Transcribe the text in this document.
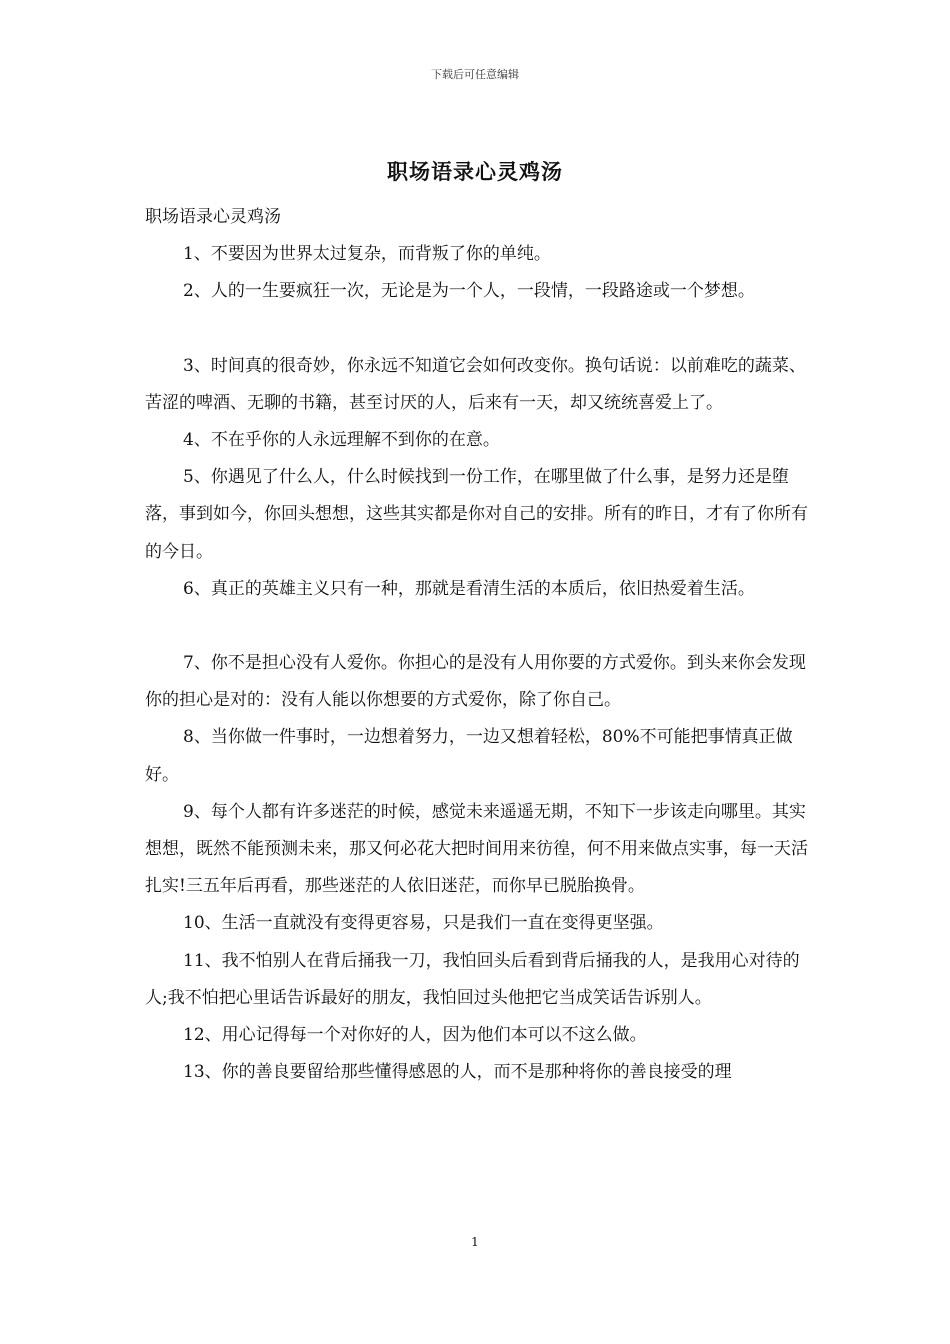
下载后可任意编辑
职场语录心灵鸡汤

职场语录心灵鸡汤

1、不要因为世界太过复杂，而背叛了你的单纯。

2、人的一生要疯狂一次，无论是为一个人，一段情，一段路途或一个梦想。

3、时间真的很奇妙，你永远不知道它会如何改变你。换句话说：以前难吃的蔬菜、苦涩的啤酒、无聊的书籍，甚至讨厌的人，后来有一天，却又统统喜爱上了。

4、不在乎你的人永远理解不到你的在意。

5、你遇见了什么人，什么时候找到一份工作，在哪里做了什么事，是努力还是堕落，事到如今，你回头想想，这些其实都是你对自己的安排。所有的昨日，才有了你所有的今日。

6、真正的英雄主义只有一种，那就是看清生活的本质后，依旧热爱着生活。

7、你不是担心没有人爱你。你担心的是没有人用你要的方式爱你。到头来你会发现你的担心是对的：没有人能以你想要的方式爱你，除了你自己。

8、当你做一件事时，一边想着努力，一边又想着轻松，80%不可能把事情真正做好。

9、每个人都有许多迷茫的时候，感觉未来遥遥无期，不知下一步该走向哪里。其实想想，既然不能预测未来，那又何必花大把时间用来彷徨，何不用来做点实事，每一天活扎实!三五年后再看，那些迷茫的人依旧迷茫，而你早已脱胎换骨。

10、生活一直就没有变得更容易，只是我们一直在变得更坚强。

11、我不怕别人在背后捅我一刀，我怕回头后看到背后捅我的人，是我用心对待的人;我不怕把心里话告诉最好的朋友，我怕回过头他把它当成笑话告诉别人。

12、用心记得每一个对你好的人，因为他们本可以不这么做。

13、你的善良要留给那些懂得感恩的人，而不是那种将你的善良接受的理

1
